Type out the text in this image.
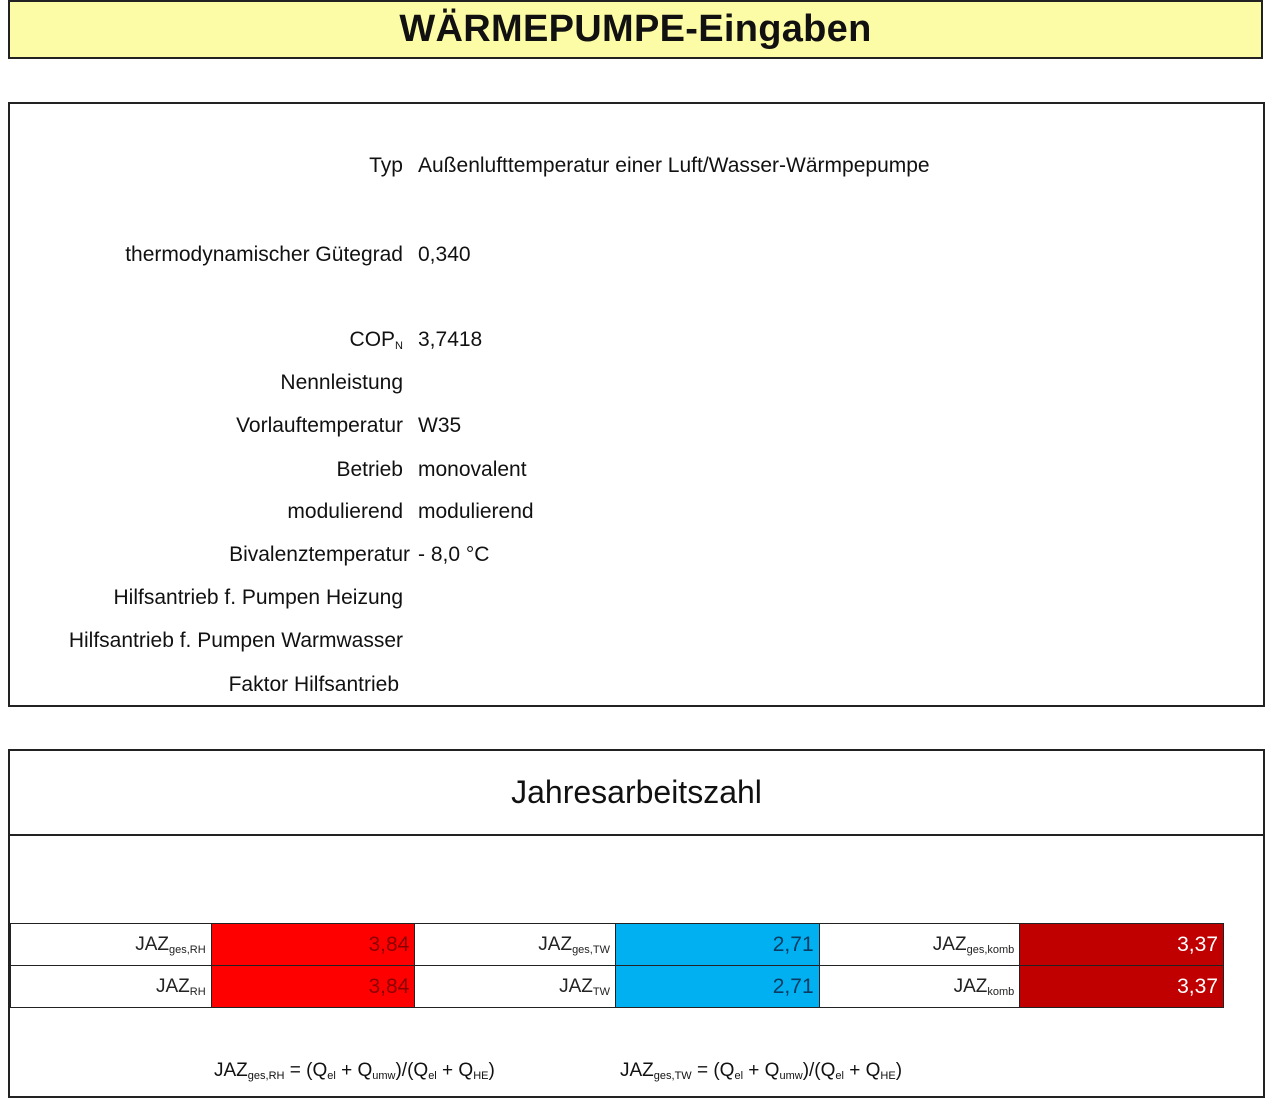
WÄRMEPUMPE-Eingaben
Typ Außenlufttemperatur einer Luft/Wasser-Wärmpepumpe
thermodynamischer Gütegrad 0,340
$COP_N$ 3,7418
Nennleistung
Vorlauftemperatur W35
Betrieb monovalent
modulierend modulierend
Bivalenztemperatur - 8,0 °C
Hilfsantrieb f. Pumpen Heizung
Hilfsantrieb f. Pumpen Warmwasser
Faktor Hilfsantrieb
Jahresarbeitszahl
$JAZ_{ges,RH}$	3,84	$JAZ_{ges,TW}$	2,71	$JAZ_{ges,komb}$	3,37
$JAZ_{RH}$	3,84	$JAZ_{TW}$	2,71	$JAZ_{komb}$	3,37
$JAZ_{ges,RH} = (Q_{el} + Q_{umw})/(Q_{el} + Q_{HE})$	$JAZ_{ges,TW} = (Q_{el} + Q_{umw})/(Q_{el} + Q_{HE})$
